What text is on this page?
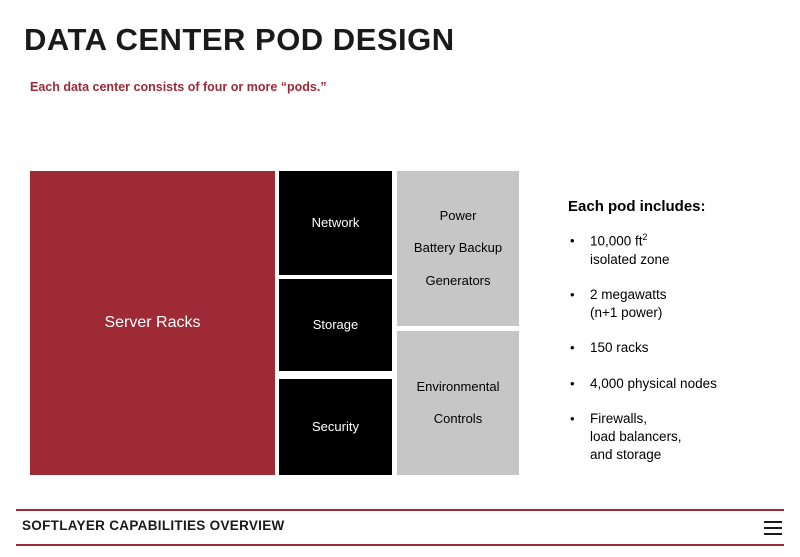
DATA CENTER POD DESIGN
Each data center consists of four or more “pods.”
Server Racks
Network
Storage
Security
Power

Battery Backup

Generators
Environmental

Controls
Each pod includes:
• 10,000 $ft^2$
isolated zone
• 2 megawatts
(n+1 power)
• 150 racks
• 4,000 physical nodes
• Firewalls,
load balancers,
and storage
SOFTLAYER CAPABILITIES OVERVIEW
